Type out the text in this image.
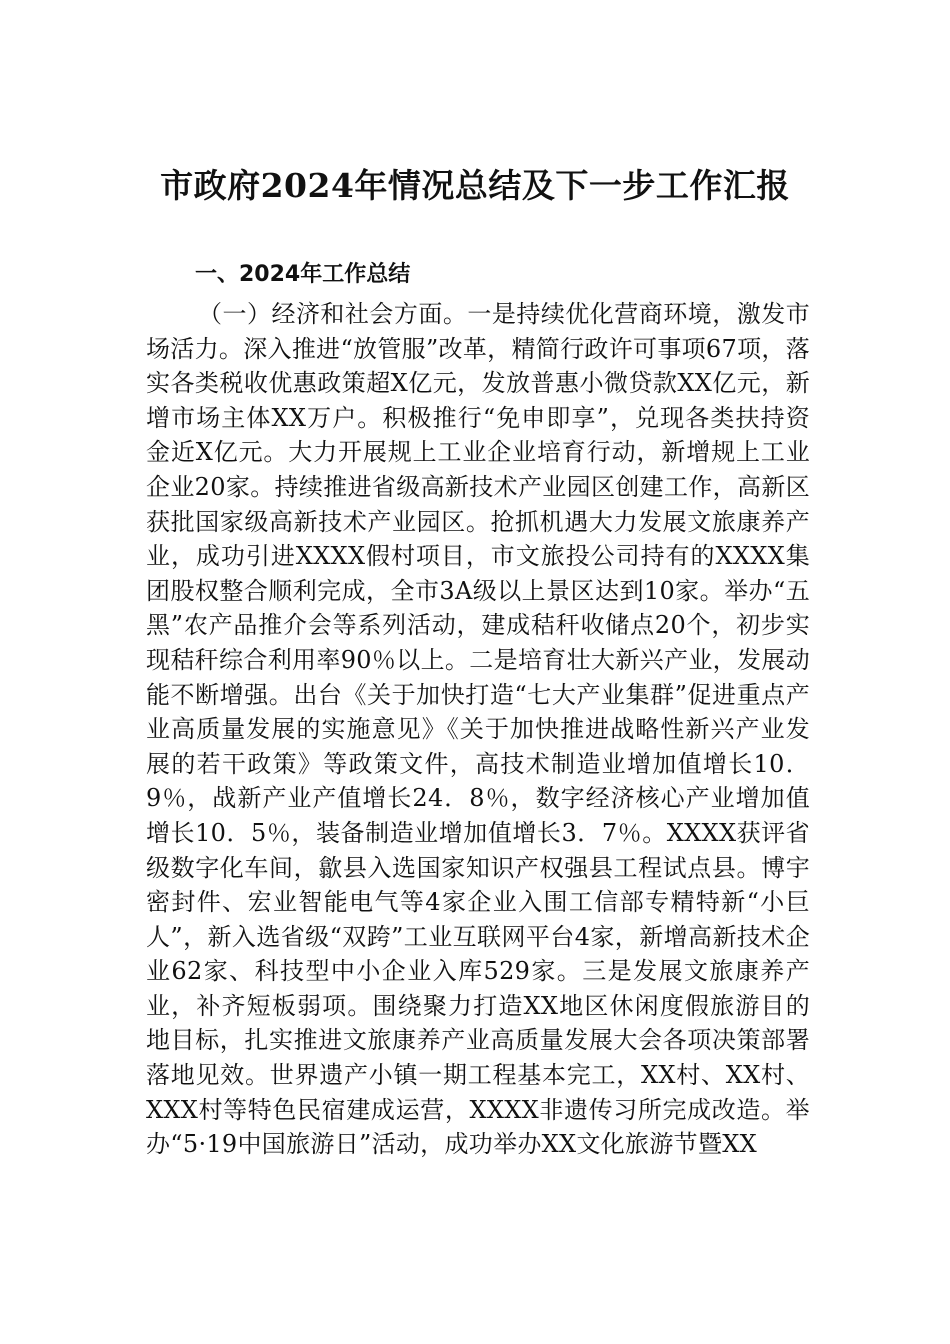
市政府2024年情况总结及下一步工作汇报
一、2024年工作总结

（一）经济和社会方面。一是持续优化营商环境，激发市场活力。深入推进“放管服”改革，精简行政许可事项67项，落实各类税收优惠政策超X亿元，发放普惠小微贷款XX亿元，新增市场主体XX万户。积极推行“免申即享”，兑现各类扶持资金近X亿元。大力开展规上工业企业培育行动，新增规上工业企业20家。持续推进省级高新技术产业园区创建工作，高新区获批国家级高新技术产业园区。抢抓机遇大力发展文旅康养产业，成功引进XXXX假村项目，市文旅投公司持有的XXXX集团股权整合顺利完成，全市3A级以上景区达到10家。举办“五黑”农产品推介会等系列活动，建成秸秆收储点20个，初步实现秸秆综合利用率90％以上。二是培育壮大新兴产业，发展动能不断增强。出台《关于加快打造“七大产业集群”促进重点产业高质量发展的实施意见》《关于加快推进战略性新兴产业发展的若干政策》等政策文件，高技术制造业增加值增长10．9％，战新产业产值增长24．8％，数字经济核心产业增加值增长10．5％，装备制造业增加值增长3．7％。XXXX获评省级数字化车间，歙县入选国家知识产权强县工程试点县。博宇密封件、宏业智能电气等4家企业入围工信部专精特新“小巨人”，新入选省级“双跨”工业互联网平台4家，新增高新技术企业62家、科技型中小企业入库529家。三是发展文旅康养产业，补齐短板弱项。围绕聚力打造XX地区休闲度假旅游目的地目标，扎实推进文旅康养产业高质量发展大会各项决策部署落地见效。世界遗产小镇一期工程基本完工，XX村、XX村、XXX村等特色民宿建成运营，XXXX非遗传习所完成改造。举办“5·19中国旅游日”活动，成功举办XX文化旅游节暨XX
